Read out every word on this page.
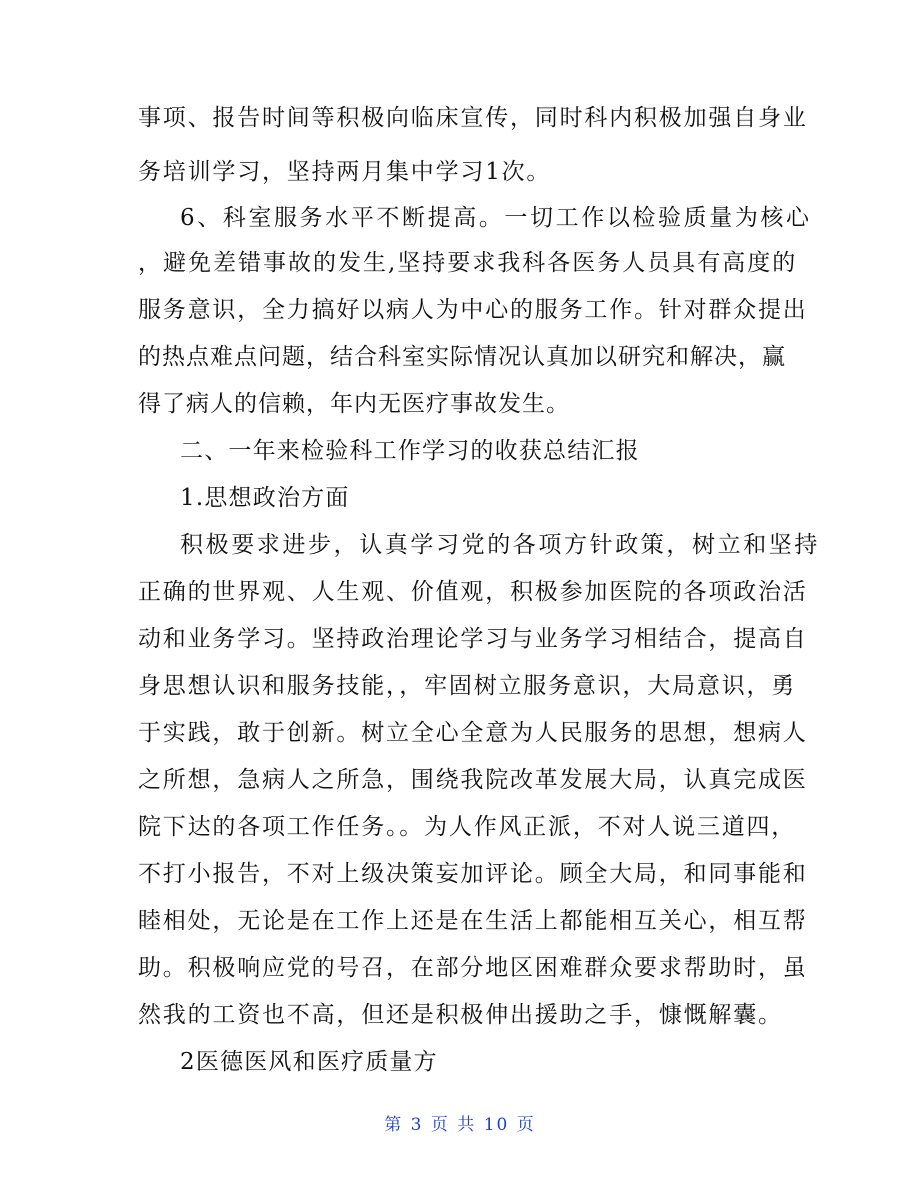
事项、报告时间等积极向临床宣传，同时科内积极加强自身业
务培训学习，坚持两月集中学习1次。
6、科室服务水平不断提高。一切工作以检验质量为核心
，避免差错事故的发生,坚持要求我科各医务人员具有高度的
服务意识，全力搞好以病人为中心的服务工作。针对群众提出
的热点难点问题，结合科室实际情况认真加以研究和解决，赢
得了病人的信赖，年内无医疗事故发生。
二、一年来检验科工作学习的收获总结汇报
1.思想政治方面
积极要求进步，认真学习党的各项方针政策，树立和坚持
正确的世界观、人生观、价值观，积极参加医院的各项政治活
动和业务学习。坚持政治理论学习与业务学习相结合，提高自
身思想认识和服务技能，，牢固树立服务意识，大局意识，勇
于实践，敢于创新。树立全心全意为人民服务的思想，想病人
之所想，急病人之所急，围绕我院改革发展大局，认真完成医
院下达的各项工作任务。。为人作风正派，不对人说三道四，
不打小报告，不对上级决策妄加评论。顾全大局，和同事能和
睦相处，无论是在工作上还是在生活上都能相互关心，相互帮
助。积极响应党的号召，在部分地区困难群众要求帮助时，虽
然我的工资也不高，但还是积极伸出援助之手，慷慨解囊。
2医德医风和医疗质量方
第 3 页 共 10 页
